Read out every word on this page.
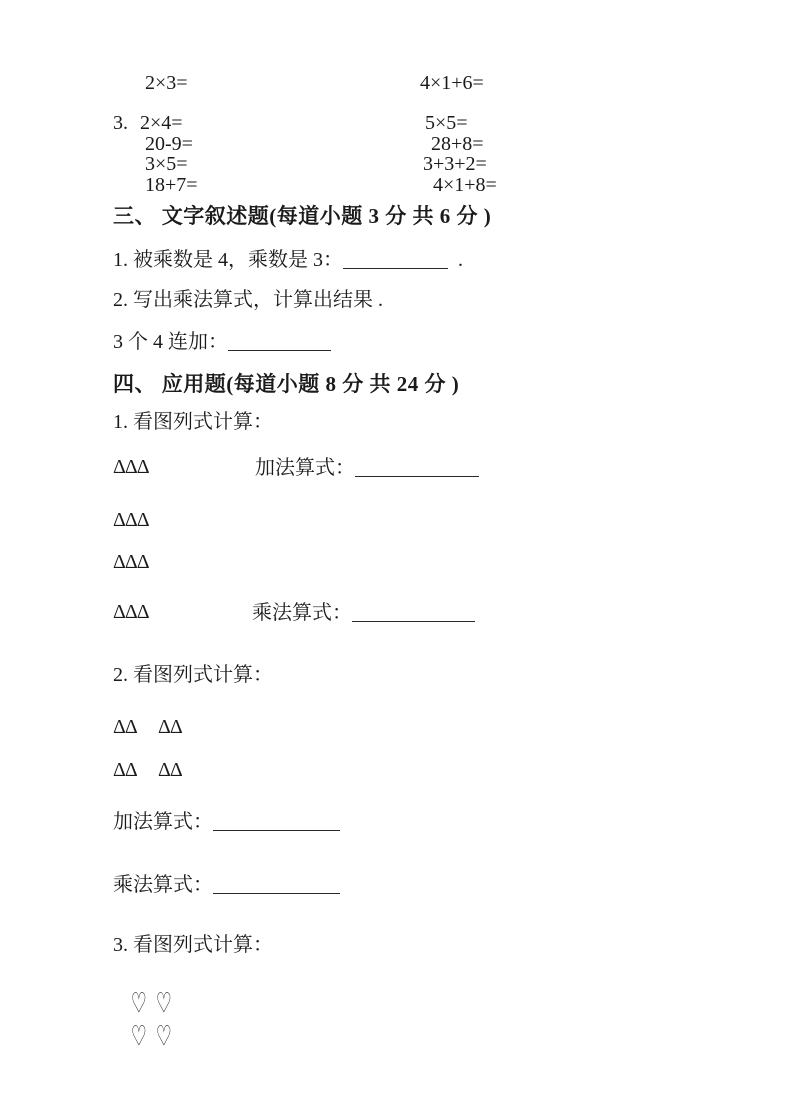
2×3=	4×1+6=
3. 2×4=	5×5=
20-9=	28+8=
3×5=	3+3+2=
18+7=	4×1+8=
三、 文字叙述题(每道小题 3 分 共 6 分 )
1. 被乘数是 4，乘数是 3：	.
2. 写出乘法算式，计算出结果 .
3 个 4 连加：
四、 应用题(每道小题 8 分 共 24 分 )
1. 看图列式计算：
ΔΔΔ	加法算式：
ΔΔΔ
ΔΔΔ
ΔΔΔ	乘法算式：
2. 看图列式计算：
ΔΔ ΔΔ
ΔΔ ΔΔ
加法算式：
乘法算式：
3. 看图列式计算：
♡ ♡
♡ ♡
